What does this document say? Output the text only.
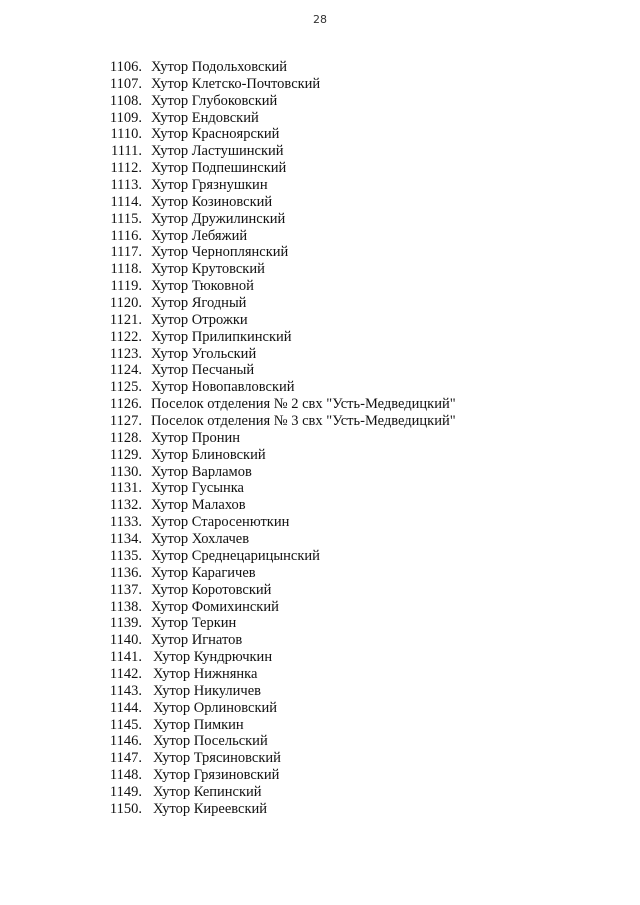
28
1106. Хутор Подольховский
1107. Хутор Клетско-Почтовский
1108. Хутор Глубоковский
1109. Хутор Ендовский
1110. Хутор Краснoярский
1111. Хутор Ластушинский
1112. Хутор Подпешинский
1113. Хутор Грязнушкин
1114. Хутор Козиновский
1115. Хутор Дружилинский
1116. Хутор Лебяжий
1117. Хутор Черноплянский
1118. Хутор Крутовский
1119. Хутор Тюковной
1120. Хутор Ягодный
1121. Хутор Отрожки
1122. Хутор Прилипкинский
1123. Хутор Угольский
1124. Хутор Песчаный
1125. Хутор Новопавловский
1126. Поселок отделения № 2 свх "Усть-Медведицкий"
1127. Поселок отделения № 3 свх "Усть-Медведицкий"
1128. Хутор Пронин
1129. Хутор Блиновский
1130. Хутор Варламов
1131. Хутор Гусынка
1132. Хутор Малахов
1133. Хутор Старосенюткин
1134. Хутор Хохлачев
1135. Хутор Среднецарицынский
1136. Хутор Карагичев
1137. Хутор Коротовский
1138. Хутор Фомихинский
1139. Хутор Теркин
1140. Хутор Игнатов
1141. Хутор Кундрючкин
1142. Хутор Нижнянка
1143. Хутор Никуличев
1144. Хутор Орлиновский
1145. Хутор Пимкин
1146. Хутор Посельский
1147. Хутор Трясиновский
1148. Хутор Грязиновский
1149. Хутор Кепинский
1150. Хутор Киреевский
